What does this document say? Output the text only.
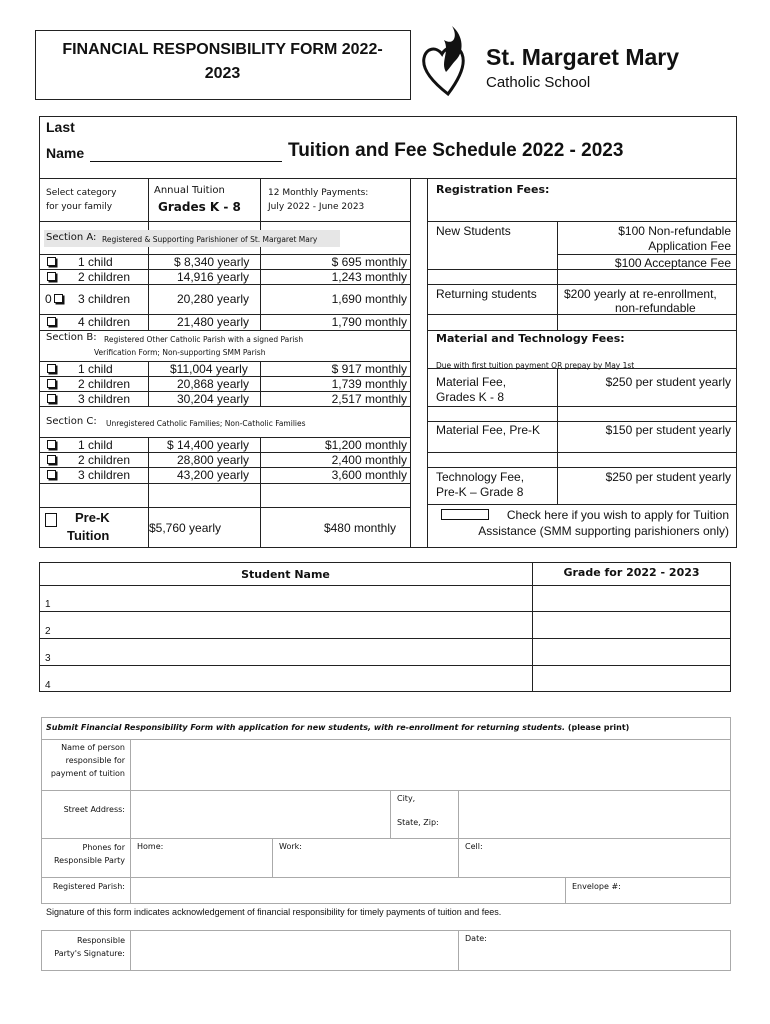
FINANCIAL RESPONSIBILITY FORM 2022-
2023
St. Margaret Mary
Catholic School
Last
Name	Tuition and Fee Schedule 2022 - 2023
Select category
for your family
Annual Tuition
Grades K - 8
12 Monthly Payments:
July 2022 - June 2023
Section A: Registered & Supporting Parishioner of St. Margaret Mary
1 child	$ 8,340 yearly	$ 695 monthly
2 children	14,916 yearly	1,243 monthly
0 3 children	20,280 yearly	1,690 monthly
4 children	21,480 yearly	1,790 monthly
Section B: Registered Other Catholic Parish with a signed Parish
Verification Form; Non-supporting SMM Parish
1 child	$11,004 yearly	$ 917 monthly
2 children	20,868 yearly	1,739 monthly
3 children	30,204 yearly	2,517 monthly
Section C: Unregistered Catholic Families; Non-Catholic Families
1 child	$ 14,400 yearly	$1,200 monthly
2 children	28,800 yearly	2,400 monthly
3 children	43,200 yearly	3,600 monthly
Pre-K
Tuition	$5,760 yearly	$480 monthly
Registration Fees:
New Students	$100 Non-refundable
Application Fee
$100 Acceptance Fee
Returning students $200 yearly at re-enrollment,
non-refundable
Material and Technology Fees:
Due with first tuition payment OR prepay by May 1st
Material Fee,
Grades K - 8
$250 per student yearly
Material Fee, Pre-K	$150 per student yearly
Technology Fee,
Pre-K – Grade 8
$250 per student yearly
Check here if you wish to apply for Tuition
Assistance (SMM supporting parishioners only)
Student Name	Grade for 2022 - 2023
1
2
3
4
Submit Financial Responsibility Form with application for new students, with re-enrollment for returning students. (please print)
Name of person
responsible for
payment of tuition
Street Address:
City,
State, Zip:
Phones for
Responsible Party
Home:	Work:	Cell:
Registered Parish:	Envelope #:
Signature of this form indicates acknowledgement of financial responsibility for timely payments of tuition and fees.
Responsible
Party's Signature:
Date:
